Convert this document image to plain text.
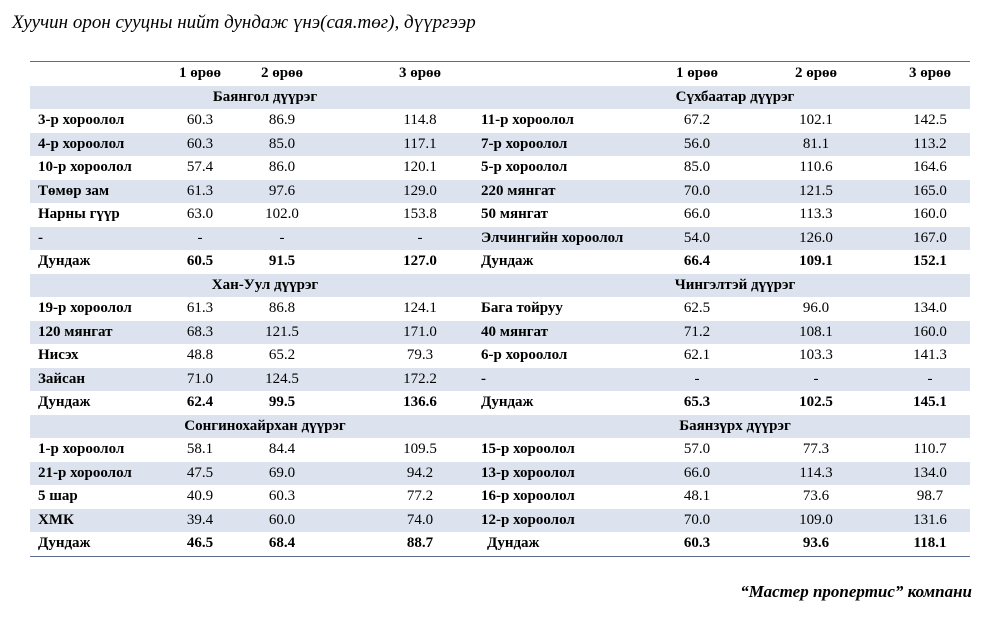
Хуучин орон сууцны нийт дундаж үнэ(сая.төг), дүүргээр
1 өрөө	2 өрөө	3 өрөө	1 өрөө	2 өрөө	3 өрөө
Баянгол дүүрэг	Сүхбаатар дүүрэг
3-р хороолол	60.3	86.9	114.8	11-р хороолол	67.2	102.1	142.5
4-р хороолол	60.3	85.0	117.1	7-р хороолол	56.0	81.1	113.2
10-р хороолол	57.4	86.0	120.1	5-р хороолол	85.0	110.6	164.6
Төмөр зам	61.3	97.6	129.0	220 мянгат	70.0	121.5	165.0
Нарны гүүр	63.0	102.0	153.8	50 мянгат	66.0	113.3	160.0
-	-	-	-	Элчингийн хороолол	54.0	126.0	167.0
Дундаж	60.5	91.5	127.0	Дундаж	66.4	109.1	152.1
Хан-Уул дүүрэг	Чингэлтэй дүүрэг
19-р хороолол	61.3	86.8	124.1	Бага тойруу	62.5	96.0	134.0
120 мянгат	68.3	121.5	171.0	40 мянгат	71.2	108.1	160.0
Нисэх	48.8	65.2	79.3	6-р хороолол	62.1	103.3	141.3
Зайсан	71.0	124.5	172.2	-	-	-	-
Дундаж	62.4	99.5	136.6	Дундаж	65.3	102.5	145.1
Сонгинохайрхан дүүрэг	Баянзүрх дүүрэг
1-р хороолол	58.1	84.4	109.5	15-р хороолол	57.0	77.3	110.7
21-р хороолол	47.5	69.0	94.2	13-р хороолол	66.0	114.3	134.0
5 шар	40.9	60.3	77.2	16-р хороолол	48.1	73.6	98.7
ХМК	39.4	60.0	74.0	12-р хороолол	70.0	109.0	131.6
Дундаж	46.5	68.4	88.7	Дундаж	60.3	93.6	118.1
“Мастер пропертис” компани
